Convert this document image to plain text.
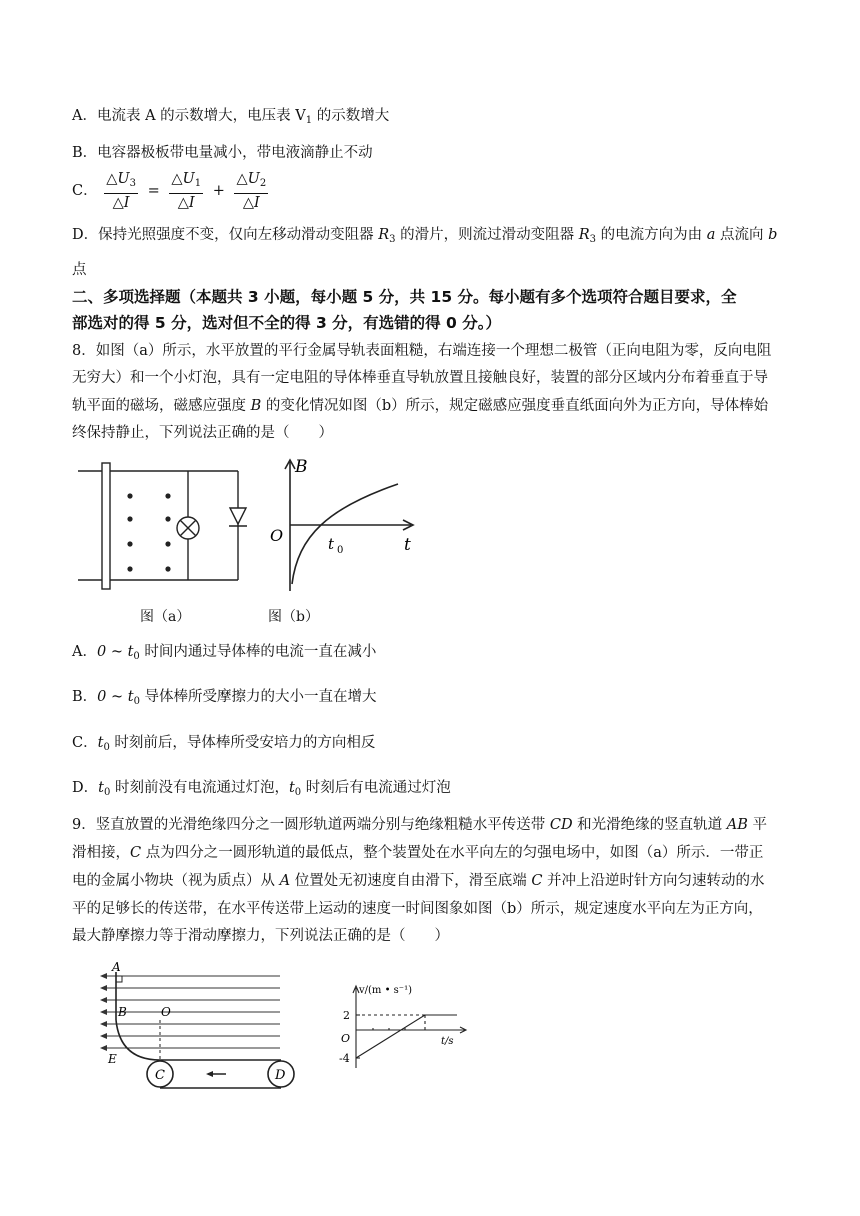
A．电流表 A 的示数增大，电压表 $V_1$ 的示数增大
B．电容器极板带电量减小，带电液滴静止不动
C． $\frac{\triangle U_3}{\triangle I} = \frac{\triangle U_1}{\triangle I} + \frac{\triangle U_2}{\triangle I}$
D．保持光照强度不变，仅向左移动滑动变阻器 $R_3$ 的滑片，则流过滑动变阻器 $R_3$ 的电流方向为由 a 点流向 b
点
二、多项选择题（本题共 3 小题，每小题 5 分，共 15 分。每小题有多个选项符合题目要求，全
部选对的得 5 分，选对但不全的得 3 分，有选错的得 0 分。）
8．如图（a）所示，水平放置的平行金属导轨表面粗糙，右端连接一个理想二极管（正向电阻为零，反向电阻
无穷大）和一个小灯泡，具有一定电阻的导体棒垂直导轨放置且接触良好，装置的部分区域内分布着垂直于导
轨平面的磁场，磁感应强度 B 的变化情况如图（b）所示，规定磁感应强度垂直纸面向外为正方向，导体棒始
终保持静止，下列说法正确的是（　　）
B
O	t
t 0
图（a）	图（b）
A．0 ~ $t_0$ 时间内通过导体棒的电流一直在减小
B．0 ~ $t_0$ 导体棒所受摩擦力的大小一直在增大
C．$t_0$ 时刻前后，导体棒所受安培力的方向相反
D．$t_0$ 时刻前没有电流通过灯泡，$t_0$ 时刻后有电流通过灯泡
9．竖直放置的光滑绝缘四分之一圆形轨道两端分别与绝缘粗糙水平传送带 CD 和光滑绝缘的竖直轨道 AB 平
滑相接，C 点为四分之一圆形轨道的最低点，整个装置处在水平向左的匀强电场中，如图（a）所示．一带正
电的金属小物块（视为质点）从 A 位置处无初速度自由滑下，滑至底端 C 并冲上沿逆时针方向匀速转动的水
平的足够长的传送带，在水平传送带上运动的速度一时间图象如图（b）所示，规定速度水平向左为正方向，
最大静摩擦力等于滑动摩擦力，下列说法正确的是（　　）
A
B	O
E
C	D
v/(m • s⁻¹)
2
O
-4
t/s
